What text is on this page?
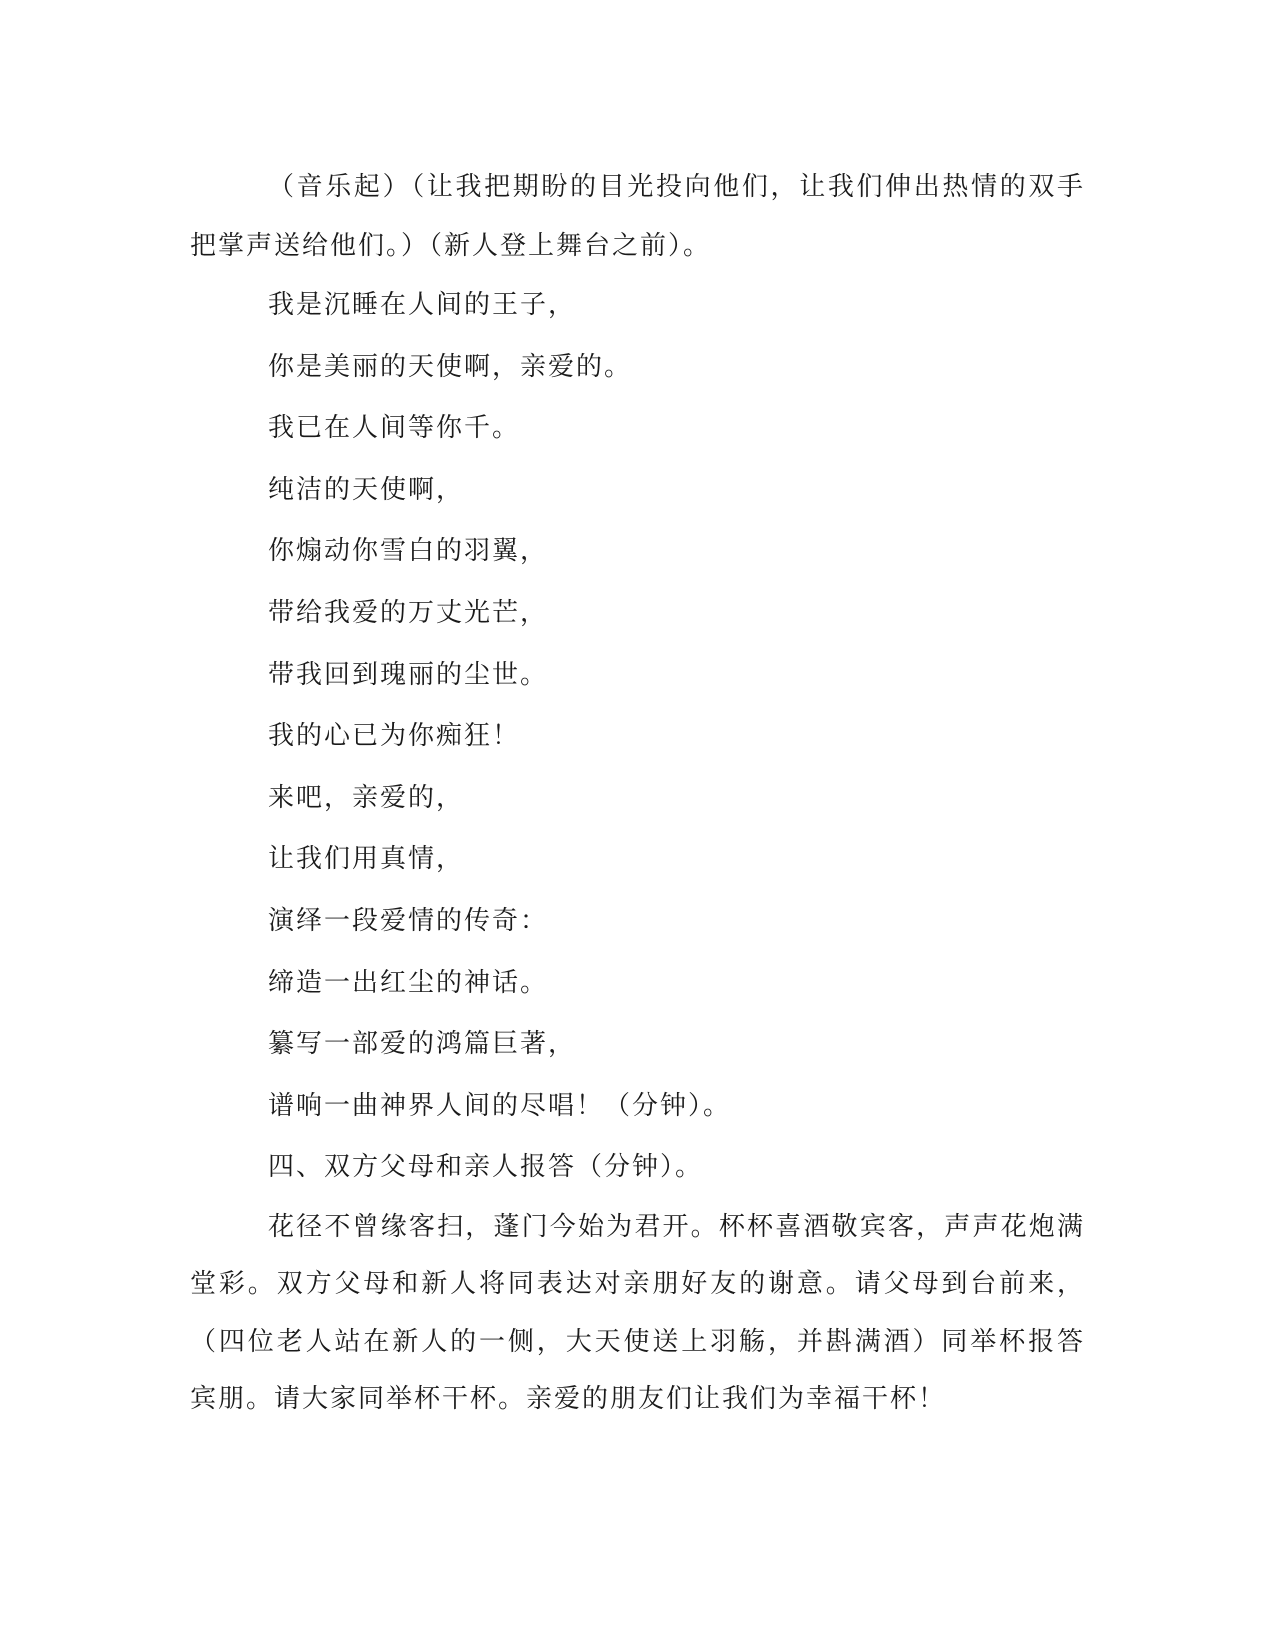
（音乐起）（让我把期盼的目光投向他们，让我们伸出热情的双手把掌声送给他们。）（新人登上舞台之前）。

我是沉睡在人间的王子，

你是美丽的天使啊，亲爱的。

我已在人间等你千。

纯洁的天使啊，

你煽动你雪白的羽翼，

带给我爱的万丈光芒，

带我回到瑰丽的尘世。

我的心已为你痴狂！

来吧，亲爱的，

让我们用真情，

演绎一段爱情的传奇：

缔造一出红尘的神话。

纂写一部爱的鸿篇巨著，

谱响一曲神界人间的尽唱！（分钟）。

四、双方父母和亲人报答（分钟）。

花径不曾缘客扫，蓬门今始为君开。杯杯喜酒敬宾客，声声花炮满堂彩。双方父母和新人将同表达对亲朋好友的谢意。请父母到台前来，（四位老人站在新人的一侧，大天使送上羽觞，并斟满酒）同举杯报答宾朋。请大家同举杯干杯。亲爱的朋友们让我们为幸福干杯！
